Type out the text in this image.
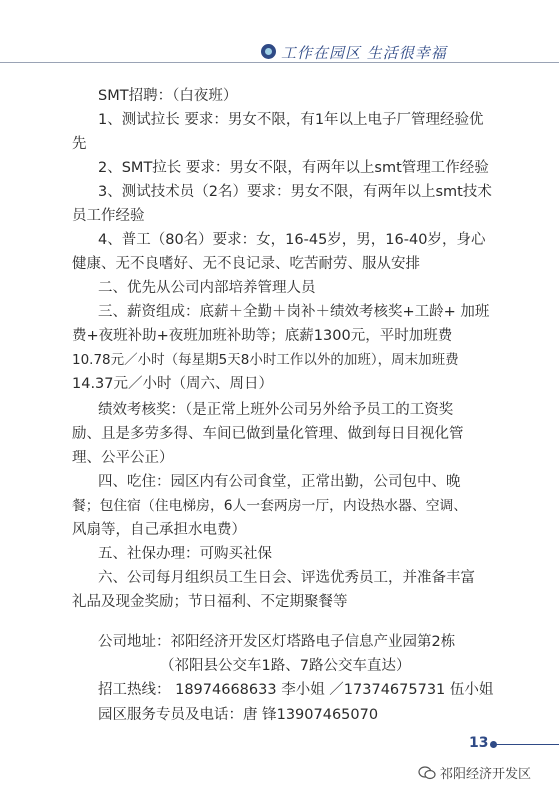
工作在园区 生活很幸福
SMT招聘：（白夜班）
1、测试拉长 要求：男女不限，有1年以上电子厂管理经验优
先
2、SMT拉长 要求：男女不限，有两年以上smt管理工作经验
3、测试技术员（2名）要求：男女不限，有两年以上smt技术
员工作经验
4、普工（80名）要求：女，16-45岁，男，16-40岁，身心
健康、无不良嗜好、无不良记录、吃苦耐劳、服从安排
二、优先从公司内部培养管理人员
三、薪资组成：底薪＋全勤＋岗补＋绩效考核奖+工龄+ 加班
费+夜班补助+夜班加班补助等；底薪1300元，平时加班费
10.78元／小时（每星期5天8小时工作以外的加班），周末加班费
14.37元／小时（周六、周日）
绩效考核奖：（是正常上班外公司另外给予员工的工资奖
励、且是多劳多得、车间已做到量化管理、做到每日目视化管
理、公平公正）
四、吃住：园区内有公司食堂，正常出勤，公司包中、晚
餐；包住宿（住电梯房，6人一套两房一厅，内设热水器、空调、
风扇等，自己承担水电费）
五、社保办理：可购买社保
六、公司每月组织员工生日会、评选优秀员工，并准备丰富
礼品及现金奖励；节日福利、不定期聚餐等
公司地址：祁阳经济开发区灯塔路电子信息产业园第2栋
（祁阳县公交车1路、7路公交车直达）
招工热线： 18974668633 李小姐 ／17374675731 伍小姐
园区服务专员及电话：唐 锋13907465070
13
祁阳经济开发区
